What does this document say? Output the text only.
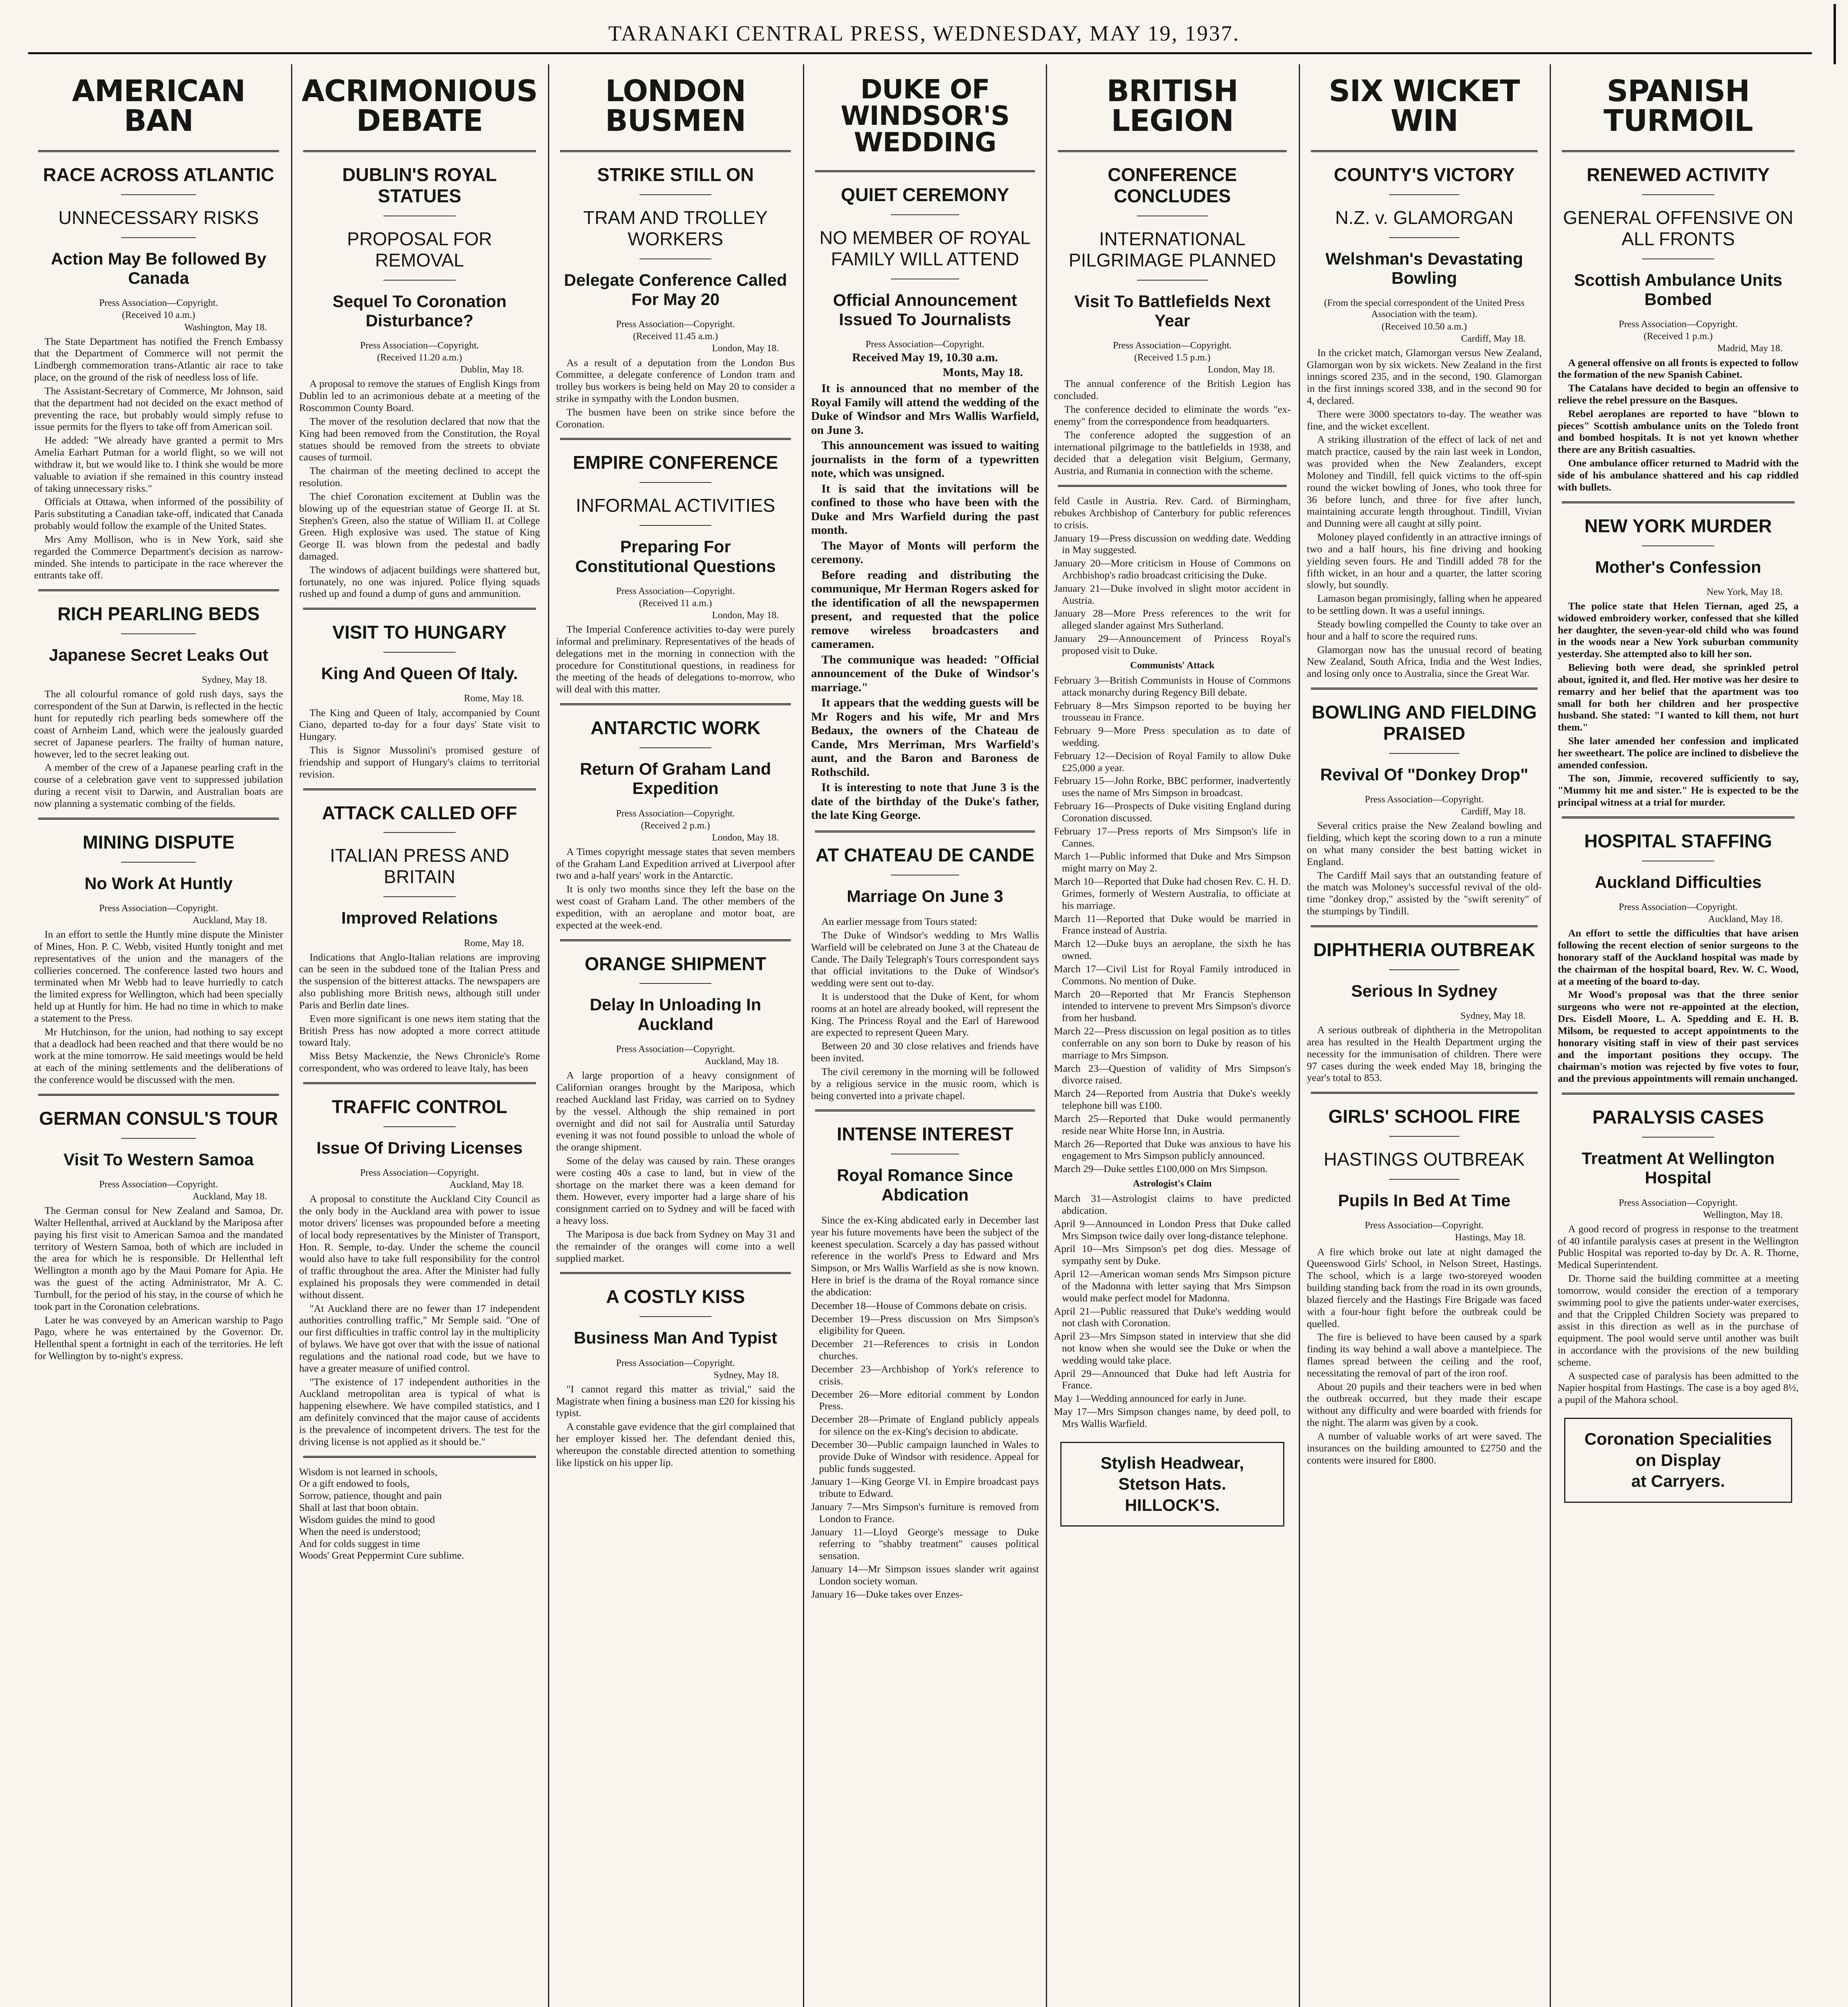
TARANAKI CENTRAL PRESS, WEDNESDAY, MAY 19, 1937.
AMERICAN BAN
RACE ACROSS ATLANTIC
UNNECESSARY RISKS
Action May Be followed By Canada
Press Association—Copyright.
(Received 10 a.m.)
Washington, May 18.

The State Department has notified the French Embassy that the Department of Commerce will not permit the Lindbergh commemoration trans-Atlantic air race to take place, on the ground of the risk of needless loss of life.

The Assistant-Secretary of Commerce, Mr Johnson, said that the department had not decided on the exact method of preventing the race, but probably would simply refuse to issue permits for the flyers to take off from American soil.

He added: "We already have granted a permit to Mrs Amelia Earhart Putman for a world flight, so we will not withdraw it, but we would like to. I think she would be more valuable to aviation if she remained in this country instead of taking unnecessary risks."

Officials at Ottawa, when informed of the possibility of Paris substituting a Canadian take-off, indicated that Canada probably would follow the example of the United States.

Mrs Amy Mollison, who is in New York, said she regarded the Commerce Department's decision as narrow-minded. She intends to participate in the race wherever the entrants take off.

RICH PEARLING BEDS
Japanese Secret Leaks Out
Sydney, May 18.

The all colourful romance of gold rush days, says the correspondent of the Sun at Darwin, is reflected in the hectic hunt for reputedly rich pearling beds somewhere off the coast of Arnheim Land, which were the jealously guarded secret of Japanese pearlers. The frailty of human nature, however, led to the secret leaking out.

A member of the crew of a Japanese pearling craft in the course of a celebration gave vent to suppressed jubilation during a recent visit to Darwin, and Australian boats are now planning a systematic combing of the fields.

MINING DISPUTE
No Work At Huntly
Press Association—Copyright.
Auckland, May 18.

In an effort to settle the Huntly mine dispute the Minister of Mines, Hon. P. C. Webb, visited Huntly tonight and met representatives of the union and the managers of the collieries concerned. The conference lasted two hours and terminated when Mr Webb had to leave hurriedly to catch the limited express for Wellington, which had been specially held up at Huntly for him. He had no time in which to make a statement to the Press.

Mr Hutchinson, for the union, had nothing to say except that a deadlock had been reached and that there would be no work at the mine tomorrow. He said meetings would be held at each of the mining settlements and the deliberations of the conference would be discussed with the men.

GERMAN CONSUL'S TOUR
Visit To Western Samoa
Press Association—Copyright.
Auckland, May 18.

The German consul for New Zealand and Samoa, Dr. Walter Hellenthal, arrived at Auckland by the Mariposa after paying his first visit to American Samoa and the mandated territory of Western Samoa, both of which are included in the area for which he is responsible. Dr Hellenthal left Wellington a month ago by the Maui Pomare for Apia. He was the guest of the acting Administrator, Mr A. C. Turnbull, for the period of his stay, in the course of which he took part in the Coronation celebrations.

Later he was conveyed by an American warship to Pago Pago, where he was entertained by the Governor. Dr. Hellenthal spent a fortnight in each of the territories. He left for Wellington by to-night's express.

ACRIMONIOUS DEBATE
DUBLIN'S ROYAL STATUES
PROPOSAL FOR REMOVAL
Sequel To Coronation Disturbance?
Press Association—Copyright.
(Received 11.20 a.m.)
Dublin, May 18.

A proposal to remove the statues of English Kings from Dublin led to an acrimonious debate at a meeting of the Roscommon County Board.

The mover of the resolution declared that now that the King had been removed from the Constitution, the Royal statues should be removed from the streets to obviate causes of turmoil.

The chairman of the meeting declined to accept the resolution.

The chief Coronation excitement at Dublin was the blowing up of the equestrian statue of George II. at St. Stephen's Green, also the statue of William II. at College Green. High explosive was used. The statue of King George II. was blown from the pedestal and badly damaged.

The windows of adjacent buildings were shattered but, fortunately, no one was injured. Police flying squads rushed up and found a dump of guns and ammunition.

VISIT TO HUNGARY
King And Queen Of Italy.
Rome, May 18.

The King and Queen of Italy, accompanied by Count Ciano, departed to-day for a four days' State visit to Hungary.

This is Signor Mussolini's promised gesture of friendship and support of Hungary's claims to territorial revision.

ATTACK CALLED OFF
ITALIAN PRESS AND BRITAIN
Improved Relations
Rome, May 18.

Indications that Anglo-Italian relations are improving can be seen in the subdued tone of the Italian Press and the suspension of the bitterest attacks. The newspapers are also publishing more British news, although still under Paris and Berlin date lines.

Even more significant is one news item stating that the British Press has now adopted a more correct attitude toward Italy.

Miss Betsy Mackenzie, the News Chronicle's Rome correspondent, who was ordered to leave Italy, has been

TRAFFIC CONTROL
Issue Of Driving Licenses
Press Association—Copyright.
Auckland, May 18.

A proposal to constitute the Auckland City Council as the only body in the Auckland area with power to issue motor drivers' licenses was propounded before a meeting of local body representatives by the Minister of Transport, Hon. R. Semple, to-day. Under the scheme the council would also have to take full responsibility for the control of traffic throughout the area. After the Minister had fully explained his proposals they were commended in detail without dissent.

"At Auckland there are no fewer than 17 independent authorities controlling traffic," Mr Semple said. "One of our first difficulties in traffic control lay in the multiplicity of bylaws. We have got over that with the issue of national regulations and the national road code, but we have to have a greater measure of unified control.

"The existence of 17 independent authorities in the Auckland metropolitan area is typical of what is happening elsewhere. We have compiled statistics, and I am definitely convinced that the major cause of accidents is the prevalence of incompetent drivers. The test for the driving license is not applied as it should be."

Wisdom is not learned in schools,

Or a gift endowed to fools,

Sorrow, patience, thought and pain

Shall at last that boon obtain.

Wisdom guides the mind to good

When the need is understood;

And for colds suggest in time

Woods' Great Peppermint Cure sublime.

LONDON BUSMEN
STRIKE STILL ON
TRAM AND TROLLEY WORKERS
Delegate Conference Called For May 20
Press Association—Copyright.
(Received 11.45 a.m.)
London, May 18.

As a result of a deputation from the London Bus Committee, a delegate conference of London tram and trolley bus workers is being held on May 20 to consider a strike in sympathy with the London busmen.

The busmen have been on strike since before the Coronation.

EMPIRE CONFERENCE
INFORMAL ACTIVITIES
Preparing For Constitutional Questions
Press Association—Copyright.
(Received 11 a.m.)
London, May 18.

The Imperial Conference activities to-day were purely informal and preliminary. Representatives of the heads of delegations met in the morning in connection with the procedure for Constitutional questions, in readiness for the meeting of the heads of delegations to-morrow, who will deal with this matter.

ANTARCTIC WORK
Return Of Graham Land Expedition
Press Association—Copyright.
(Received 2 p.m.)
London, May 18.

A Times copyright message states that seven members of the Graham Land Expedition arrived at Liverpool after two and a-half years' work in the Antarctic.

It is only two months since they left the base on the west coast of Graham Land. The other members of the expedition, with an aeroplane and motor boat, are expected at the week-end.

ORANGE SHIPMENT
Delay In Unloading In Auckland
Press Association—Copyright.
Auckland, May 18.

A large proportion of a heavy consignment of Californian oranges brought by the Mariposa, which reached Auckland last Friday, was carried on to Sydney by the vessel. Although the ship remained in port overnight and did not sail for Australia until Saturday evening it was not found possible to unload the whole of the orange shipment.

Some of the delay was caused by rain. These oranges were costing 40s a case to land, but in view of the shortage on the market there was a keen demand for them. However, every importer had a large share of his consignment carried on to Sydney and will be faced with a heavy loss.

The Mariposa is due back from Sydney on May 31 and the remainder of the oranges will come into a well supplied market.

A COSTLY KISS
Business Man And Typist
Press Association—Copyright.
Sydney, May 18.

"I cannot regard this matter as trivial," said the Magistrate when fining a business man £20 for kissing his typist.

A constable gave evidence that the girl complained that her employer kissed her. The defendant denied this, whereupon the constable directed attention to something like lipstick on his upper lip.

DUKE OF WINDSOR'S WEDDING
QUIET CEREMONY
NO MEMBER OF ROYAL FAMILY WILL ATTEND
Official Announcement Issued To Journalists
Press Association—Copyright.
Received May 19, 10.30 a.m.
Monts, May 18.

It is announced that no member of the Royal Family will attend the wedding of the Duke of Windsor and Mrs Wallis Warfield, on June 3.

This announcement was issued to waiting journalists in the form of a typewritten note, which was unsigned.

It is said that the invitations will be confined to those who have been with the Duke and Mrs Warfield during the past month.

The Mayor of Monts will perform the ceremony.

Before reading and distributing the communique, Mr Herman Rogers asked for the identification of all the newspapermen present, and requested that the police remove wireless broadcasters and cameramen.

The communique was headed: "Official announcement of the Duke of Windsor's marriage."

It appears that the wedding guests will be Mr Rogers and his wife, Mr and Mrs Bedaux, the owners of the Chateau de Cande, Mrs Merriman, Mrs Warfield's aunt, and the Baron and Baroness de Rothschild.

It is interesting to note that June 3 is the date of the birthday of the Duke's father, the late King George.

AT CHATEAU DE CANDE
Marriage On June 3

An earlier message from Tours stated:

The Duke of Windsor's wedding to Mrs Wallis Warfield will be celebrated on June 3 at the Chateau de Cande. The Daily Telegraph's Tours correspondent says that official invitations to the Duke of Windsor's wedding were sent out to-day.

It is understood that the Duke of Kent, for whom rooms at an hotel are already booked, will represent the King. The Princess Royal and the Earl of Harewood are expected to represent Queen Mary.

Between 20 and 30 close relatives and friends have been invited.

The civil ceremony in the morning will be followed by a religious service in the music room, which is being converted into a private chapel.

INTENSE INTEREST
Royal Romance Since Abdication

Since the ex-King abdicated early in December last year his future movements have been the subject of the keenest speculation. Scarcely a day has passed without reference in the world's Press to Edward and Mrs Simpson, or Mrs Wallis Warfield as she is now known. Here in brief is the drama of the Royal romance since the abdication:

December 18—House of Commons debate on crisis.
December 19—Press discussion on Mrs Simpson's eligibility for Queen.
December 21—References to crisis in London churches.
December 23—Archbishop of York's reference to crisis.
December 26—More editorial comment by London Press.
December 28—Primate of England publicly appeals for silence on the ex-King's decision to abdicate.
December 30—Public campaign launched in Wales to provide Duke of Windsor with residence. Appeal for public funds suggested.
January 1—King George VI. in Empire broadcast pays tribute to Edward.
January 7—Mrs Simpson's furniture is removed from London to France.
January 11—Lloyd George's message to Duke referring to "shabby treatment" causes political sensation.
January 14—Mr Simpson issues slander writ against London society woman.
January 16—Duke takes over Enzes-
BRITISH LEGION
CONFERENCE CONCLUDES
INTERNATIONAL PILGRIMAGE PLANNED
Visit To Battlefields Next Year
Press Association—Copyright.
(Received 1.5 p.m.)
London, May 18.

The annual conference of the British Legion has concluded.

The conference decided to eliminate the words "ex-enemy" from the correspondence from headquarters.

The conference adopted the suggestion of an international pilgrimage to the battlefields in 1938, and decided that a delegation visit Belgium, Germany, Austria, and Rumania in connection with the scheme.

feld Castle in Austria. Rev. Card. of Birmingham, rebukes Archbishop of Canterbury for public references to crisis.
January 19—Press discussion on wedding date. Wedding in May suggested.
January 20—More criticism in House of Commons on Archbishop's radio broadcast criticising the Duke.
January 21—Duke involved in slight motor accident in Austria.
January 28—More Press references to the writ for alleged slander against Mrs Sutherland.
January 29—Announcement of Princess Royal's proposed visit to Duke.
Communists' Attack
February 3—British Communists in House of Commons attack monarchy during Regency Bill debate.
February 8—Mrs Simpson reported to be buying her trousseau in France.
February 9—More Press speculation as to date of wedding.
February 12—Decision of Royal Family to allow Duke £25,000 a year.
February 15—John Rorke, BBC performer, inadvertently uses the name of Mrs Simpson in broadcast.
February 16—Prospects of Duke visiting England during Coronation discussed.
February 17—Press reports of Mrs Simpson's life in Cannes.
March 1—Public informed that Duke and Mrs Simpson might marry on May 2.
March 10—Reported that Duke had chosen Rev. C. H. D. Grimes, formerly of Western Australia, to officiate at his marriage.
March 11—Reported that Duke would be married in France instead of Austria.
March 12—Duke buys an aeroplane, the sixth he has owned.
March 17—Civil List for Royal Family introduced in Commons. No mention of Duke.
March 20—Reported that Mr Francis Stephenson intended to intervene to prevent Mrs Simpson's divorce from her husband.
March 22—Press discussion on legal position as to titles conferrable on any son born to Duke by reason of his marriage to Mrs Simpson.
March 23—Question of validity of Mrs Simpson's divorce raised.
March 24—Reported from Austria that Duke's weekly telephone bill was £100.
March 25—Reported that Duke would permanently reside near White Horse Inn, in Austria.
March 26—Reported that Duke was anxious to have his engagement to Mrs Simpson publicly announced.
March 29—Duke settles £100,000 on Mrs Simpson.
Astrologist's Claim
March 31—Astrologist claims to have predicted abdication.
April 9—Announced in London Press that Duke called Mrs Simpson twice daily over long-distance telephone.
April 10—Mrs Simpson's pet dog dies. Message of sympathy sent by Duke.
April 12—American woman sends Mrs Simpson picture of the Madonna with letter saying that Mrs Simpson would make perfect model for Madonna.
April 21—Public reassured that Duke's wedding would not clash with Coronation.
April 23—Mrs Simpson stated in interview that she did not know when she would see the Duke or when the wedding would take place.
April 29—Announced that Duke had left Austria for France.
May 1—Wedding announced for early in June.
May 17—Mrs Simpson changes name, by deed poll, to Mrs Wallis Warfield.
Stylish Headwear,
Stetson Hats.
HILLOCK'S.
SIX WICKET WIN
COUNTY'S VICTORY
N.Z. v. GLAMORGAN
Welshman's Devastating Bowling
(From the special correspondent of the United Press Association with the team).
(Received 10.50 a.m.)
Cardiff, May 18.

In the cricket match, Glamorgan versus New Zealand, Glamorgan won by six wickets. New Zealand in the first innings scored 235, and in the second, 190. Glamorgan in the first innings scored 338, and in the second 90 for 4, declared.

There were 3000 spectators to-day. The weather was fine, and the wicket excellent.

A striking illustration of the effect of lack of net and match practice, caused by the rain last week in London, was provided when the New Zealanders, except Moloney and Tindill, fell quick victims to the off-spin round the wicket bowling of Jones, who took three for 36 before lunch, and three for five after lunch, maintaining accurate length throughout. Tindill, Vivian and Dunning were all caught at silly point.

Moloney played confidently in an attractive innings of two and a half hours, his fine driving and hooking yielding seven fours. He and Tindill added 78 for the fifth wicket, in an hour and a quarter, the latter scoring slowly, but soundly.

Lamason began promisingly, falling when he appeared to be settling down. It was a useful innings.

Steady bowling compelled the County to take over an hour and a half to score the required runs.

Glamorgan now has the unusual record of beating New Zealand, South Africa, India and the West Indies, and losing only once to Australia, since the Great War.

BOWLING AND FIELDING PRAISED
Revival Of "Donkey Drop"
Press Association—Copyright.
Cardiff, May 18.

Several critics praise the New Zealand bowling and fielding, which kept the scoring down to a run a minute on what many consider the best batting wicket in England.

The Cardiff Mail says that an outstanding feature of the match was Moloney's successful revival of the old-time "donkey drop," assisted by the "swift serenity" of the stumpings by Tindill.

DIPHTHERIA OUTBREAK
Serious In Sydney
Sydney, May 18.

A serious outbreak of diphtheria in the Metropolitan area has resulted in the Health Department urging the necessity for the immunisation of children. There were 97 cases during the week ended May 18, bringing the year's total to 853.

GIRLS' SCHOOL FIRE
HASTINGS OUTBREAK
Pupils In Bed At Time
Press Association—Copyright.
Hastings, May 18.

A fire which broke out late at night damaged the Queenswood Girls' School, in Nelson Street, Hastings. The school, which is a large two-storeyed wooden building standing back from the road in its own grounds, blazed fiercely and the Hastings Fire Brigade was faced with a four-hour fight before the outbreak could be quelled.

The fire is believed to have been caused by a spark finding its way behind a wall above a mantelpiece. The flames spread between the ceiling and the roof, necessitating the removal of part of the iron roof.

About 20 pupils and their teachers were in bed when the outbreak occurred, but they made their escape without any difficulty and were boarded with friends for the night. The alarm was given by a cook.

A number of valuable works of art were saved. The insurances on the building amounted to £2750 and the contents were insured for £800.

SPANISH TURMOIL
RENEWED ACTIVITY
GENERAL OFFENSIVE ON ALL FRONTS
Scottish Ambulance Units Bombed
Press Association—Copyright.
(Received 1 p.m.)
Madrid, May 18.

A general offensive on all fronts is expected to follow the formation of the new Spanish Cabinet.

The Catalans have decided to begin an offensive to relieve the rebel pressure on the Basques.

Rebel aeroplanes are reported to have "blown to pieces" Scottish ambulance units on the Toledo front and bombed hospitals. It is not yet known whether there are any British casualties.

One ambulance officer returned to Madrid with the side of his ambulance shattered and his cap riddled with bullets.

NEW YORK MURDER
Mother's Confession
New York, May 18.

The police state that Helen Tiernan, aged 25, a widowed embroidery worker, confessed that she killed her daughter, the seven-year-old child who was found in the woods near a New York suburban community yesterday. She attempted also to kill her son.

Believing both were dead, she sprinkled petrol about, ignited it, and fled. Her motive was her desire to remarry and her belief that the apartment was too small for both her children and her prospective husband. She stated: "I wanted to kill them, not hurt them."

She later amended her confession and implicated her sweetheart. The police are inclined to disbelieve the amended confession.

The son, Jimmie, recovered sufficiently to say, "Mummy hit me and sister." He is expected to be the principal witness at a trial for murder.

HOSPITAL STAFFING
Auckland Difficulties
Press Association—Copyright.
Auckland, May 18.

An effort to settle the difficulties that have arisen following the recent election of senior surgeons to the honorary staff of the Auckland hospital was made by the chairman of the hospital board, Rev. W. C. Wood, at a meeting of the board to-day.

Mr Wood's proposal was that the three senior surgeons who were not re-appointed at the election, Drs. Eisdell Moore, L. A. Spedding and E. H. B. Milsom, be requested to accept appointments to the honorary visiting staff in view of their past services and the important positions they occupy. The chairman's motion was rejected by five votes to four, and the previous appointments will remain unchanged.

PARALYSIS CASES
Treatment At Wellington Hospital
Press Association—Copyright.
Wellington, May 18.

A good record of progress in response to the treatment of 40 infantile paralysis cases at present in the Wellington Public Hospital was reported to-day by Dr. A. R. Thorne, Medical Superintendent.

Dr. Thorne said the building committee at a meeting tomorrow, would consider the erection of a temporary swimming pool to give the patients under-water exercises, and that the Crippled Children Society was prepared to assist in this direction as well as in the purchase of equipment. The pool would serve until another was built in accordance with the provisions of the new building scheme.

A suspected case of paralysis has been admitted to the Napier hospital from Hastings. The case is a boy aged 8½, a pupil of the Mahora school.

Coronation Specialities
on Display
at Carryers.
